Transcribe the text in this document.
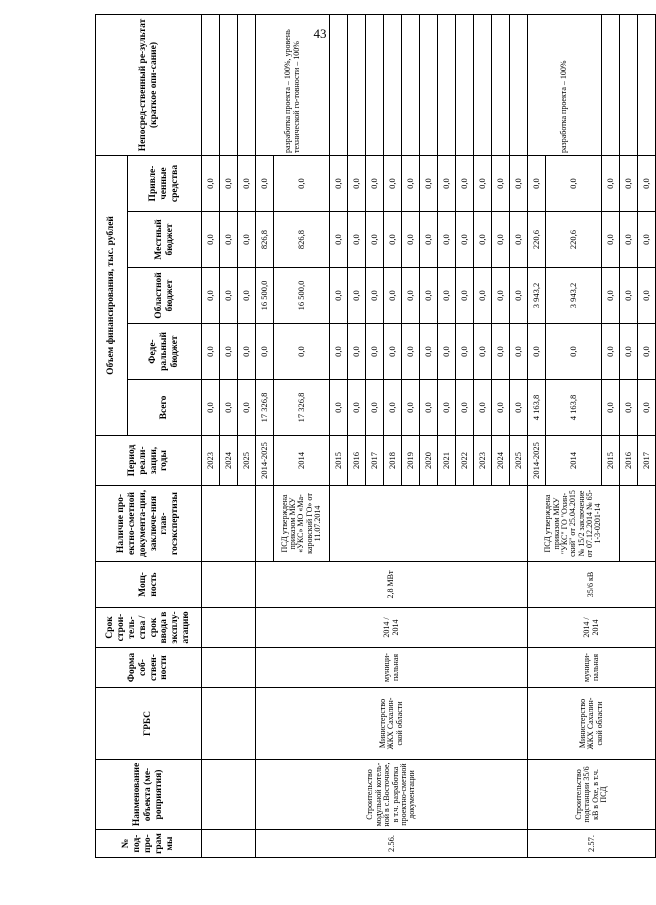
43
№ под-про-грам мы	Наименование объекта (ме-роприятия)	ГРБС	Форма соб-ствен-ности	Срок строи-тель-ства / срок ввода в эксплу-атацию	Мощ-ность	Наличие про-ектно-сметной документа-ции, заключе-ния глав-госэкспертизы	Период реали-зации, годы	Объем финансирования, тыс. рублей					Непосред-ственный ре-зультат (краткое опи-сание)
								Всего	Феде-ральный бюджет	Областной бюджет	Местный бюджет	Привле-ченные средства	
							2023	0,0	0,0	0,0	0,0	0,0	
							2024	0,0	0,0	0,0	0,0	0,0	
							2025	0,0	0,0	0,0	0,0	0,0	
2.56.	Строительство модульной котель-ной в с.Восточное, в т.ч. разработка проектно-сметной документации	Министерство ЖКХ Сахалин-ской области	муници-пальная	2014 / 2014	2,8 МВт		2014-2025	17 326,8	0,0	16 500,0	826,8	0,0	разработка проекта – 100%, уровень технической го-товности – 100%
						ПСД утверждена приказом МКУ «УКС» МО «Ма-каровский ГО» от 11.07.2014	2014	17 326,8	0,0	16 500,0	826,8	0,0	
							2015	0,0	0,0	0,0	0,0	0,0	
							2016	0,0	0,0	0,0	0,0	0,0	
							2017	0,0	0,0	0,0	0,0	0,0	
							2018	0,0	0,0	0,0	0,0	0,0	
							2019	0,0	0,0	0,0	0,0	0,0	
							2020	0,0	0,0	0,0	0,0	0,0	
							2021	0,0	0,0	0,0	0,0	0,0	
							2022	0,0	0,0	0,0	0,0	0,0	
							2023	0,0	0,0	0,0	0,0	0,0	
							2024	0,0	0,0	0,0	0,0	0,0	
							2025	0,0	0,0	0,0	0,0	0,0	
2.57.	Строительство подстанции 35/6 кВ в Охе, в т.ч. ПСД	Министерство ЖКХ Сахалин-ской области	муници-пальная	2014 / 2014	35/6 кВ	ПСД утверждена приказом МКУ "УКС" ГО "Охин-ский" от 25.04.2015 № 15/2 заключение от 07.12.2014 № 65-1-3-0201-14	2014-2025	4 163,8	0,0	3 943,2	220,6	0,0	разработка проекта – 100%
							2014	4 163,8	0,0	3 943,2	220,6	0,0	
							2015	0,0	0,0	0,0	0,0	0,0	
							2016	0,0	0,0	0,0	0,0	0,0	
							2017	0,0	0,0	0,0	0,0	0,0	
